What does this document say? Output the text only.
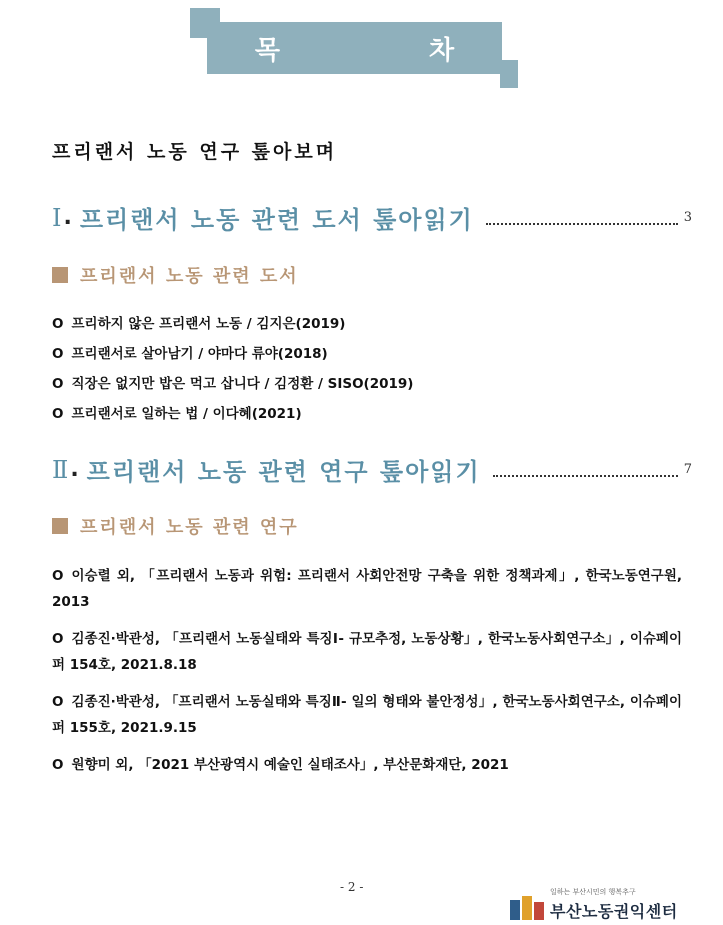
목 차
프리랜서 노동 연구 톺아보며
Ⅰ . 프리랜서 노동 관련 도서 톺아읽기	3
프리랜서 노동 관련 도서
O 프리하지 않은 프리랜서 노동 / 김지은(2019)
O 프리랜서로 살아남기 / 야마다 류야(2018)
O 직장은 없지만 밥은 먹고 삽니다 / 김정환 / SISO(2019)
O 프리랜서로 일하는 법 / 이다혜(2021)
Ⅱ . 프리랜서 노동 관련 연구 톺아읽기	7
프리랜서 노동 관련 연구
O 이승렬 외, 「프리랜서 노동과 위험: 프리랜서 사회안전망 구축을 위한 정책과제」, 한국노동연구원, 2013
O 김종진·박관성, 「프리랜서 노동실태와 특징Ⅰ- 규모추정, 노동상황」, 한국노동사회연구소」, 이슈페이퍼 154호, 2021.8.18
O 김종진·박관성, 「프리랜서 노동실태와 특징Ⅱ- 일의 형태와 불안정성」, 한국노동사회연구소, 이슈페이퍼 155호, 2021.9.15
O 원향미 외, 「2021 부산광역시 예술인 실태조사」, 부산문화재단, 2021
- 2 -	일하는 부산시민의 행복추구
부산노동권익센터
